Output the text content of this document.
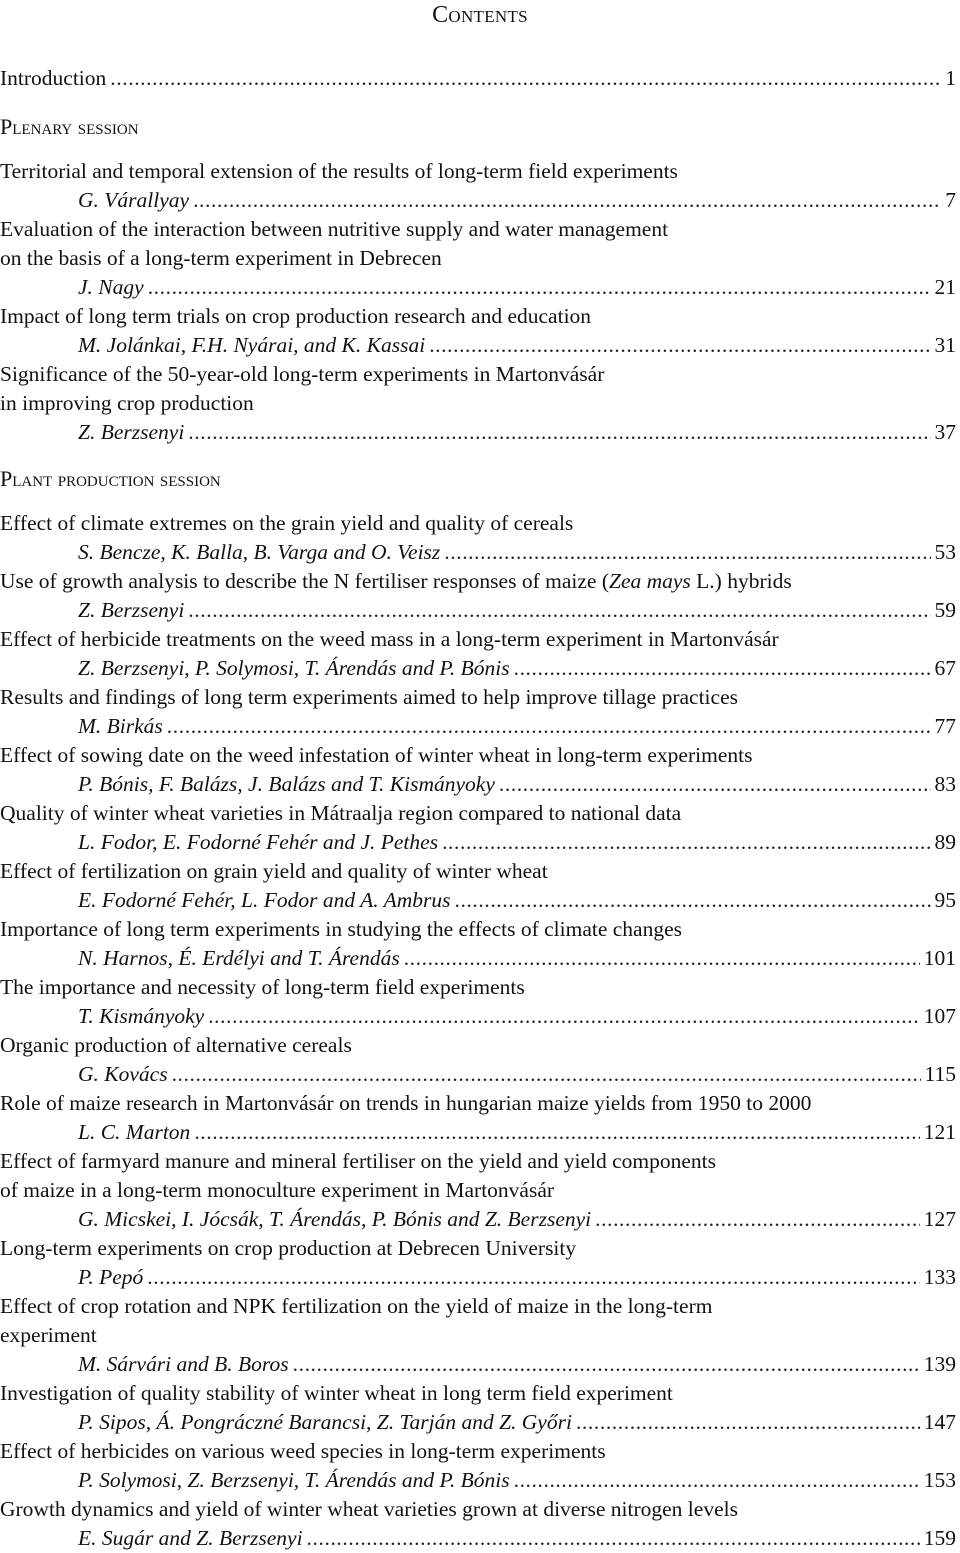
Contents
Introduction .....	1
Plenary session
Territorial and temporal extension of the results of long-term field experiments
G. Várallyay .....	7
Evaluation of the interaction between nutritive supply and water management
on the basis of a long-term experiment in Debrecen
J. Nagy .....	21
Impact of long term trials on crop production research and education
M. Jolánkai, F.H. Nyárai, and K. Kassai .....	31
Significance of the 50-year-old long-term experiments in Martonvásár
in improving crop production
Z. Berzsenyi .....	37
Plant production session
Effect of climate extremes on the grain yield and quality of cereals
S. Bencze, K. Balla, B. Varga and O. Veisz .....	53
Use of growth analysis to describe the N fertiliser responses of maize (Zea mays L.) hybrids
Z. Berzsenyi .....	59
Effect of herbicide treatments on the weed mass in a long-term experiment in Martonvásár
Z. Berzsenyi, P. Solymosi, T. Árendás and P. Bónis .....	67
Results and findings of long term experiments aimed to help improve tillage practices
M. Birkás .....	77
Effect of sowing date on the weed infestation of winter wheat in long-term experiments
P. Bónis, F. Balázs, J. Balázs and T. Kismányoky .....	83
Quality of winter wheat varieties in Mátraalja region compared to national data
L. Fodor, E. Fodorné Fehér and J. Pethes .....	89
Effect of fertilization on grain yield and quality of winter wheat
E. Fodorné Fehér, L. Fodor and A. Ambrus .....	95
Importance of long term experiments in studying the effects of climate changes
N. Harnos, É. Erdélyi and T. Árendás .....	101
The importance and necessity of long-term field experiments
T. Kismányoky .....	107
Organic production of alternative cereals
G. Kovács .....	115
Role of maize research in Martonvásár on trends in hungarian maize yields from 1950 to 2000
L. C. Marton .....	121
Effect of farmyard manure and mineral fertiliser on the yield and yield components
of maize in a long-term monoculture experiment in Martonvásár
G. Micskei, I. Jócsák, T. Árendás, P. Bónis and Z. Berzsenyi .....	127
Long-term experiments on crop production at Debrecen University
P. Pepó .....	133
Effect of crop rotation and NPK fertilization on the yield of maize in the long-term
experiment
M. Sárvári and B. Boros .....	139
Investigation of quality stability of winter wheat in long term field experiment
P. Sipos, Á. Pongráczné Barancsi, Z. Tarján and Z. Győri .....	147
Effect of herbicides on various weed species in long-term experiments
P. Solymosi, Z. Berzsenyi, T. Árendás and P. Bónis .....	153
Growth dynamics and yield of winter wheat varieties grown at diverse nitrogen levels
E. Sugár and Z. Berzsenyi .....	159
